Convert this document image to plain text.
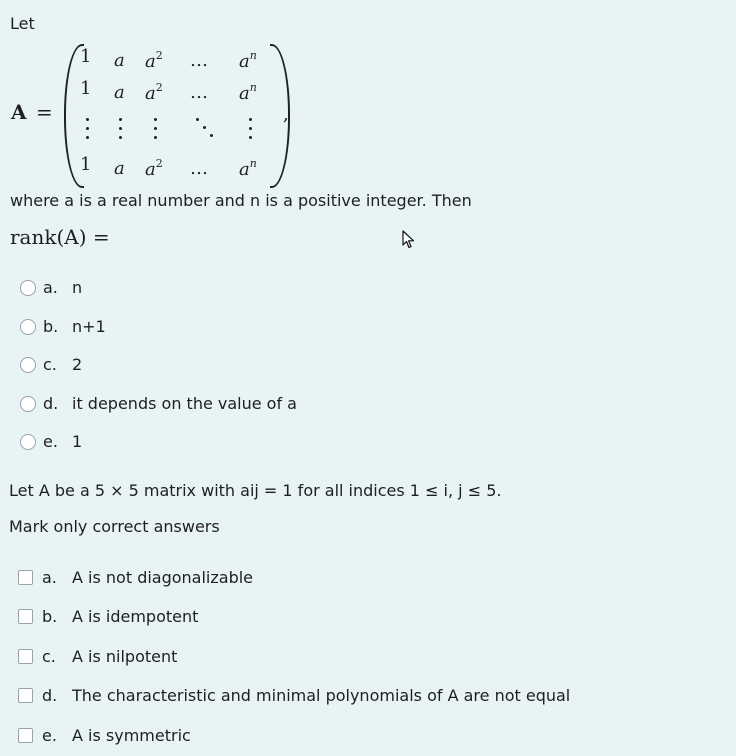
Let
A =	,
1 a $a^2$ … $a^n$
1 a $a^2$ … $a^n$
1 a $a^2$ … $a^n$
where a is a real number and n is a positive integer. Then
rank(A) =
a. n
b. n+1
c. 2
d. it depends on the value of a
e. 1
Let A be a 5 × 5 matrix with aij = 1 for all indices 1 ≤ i, j ≤ 5.
Mark only correct answers
a. A is not diagonalizable
b. A is idempotent
c. A is nilpotent
d. The characteristic and minimal polynomials of A are not equal
e. A is symmetric
